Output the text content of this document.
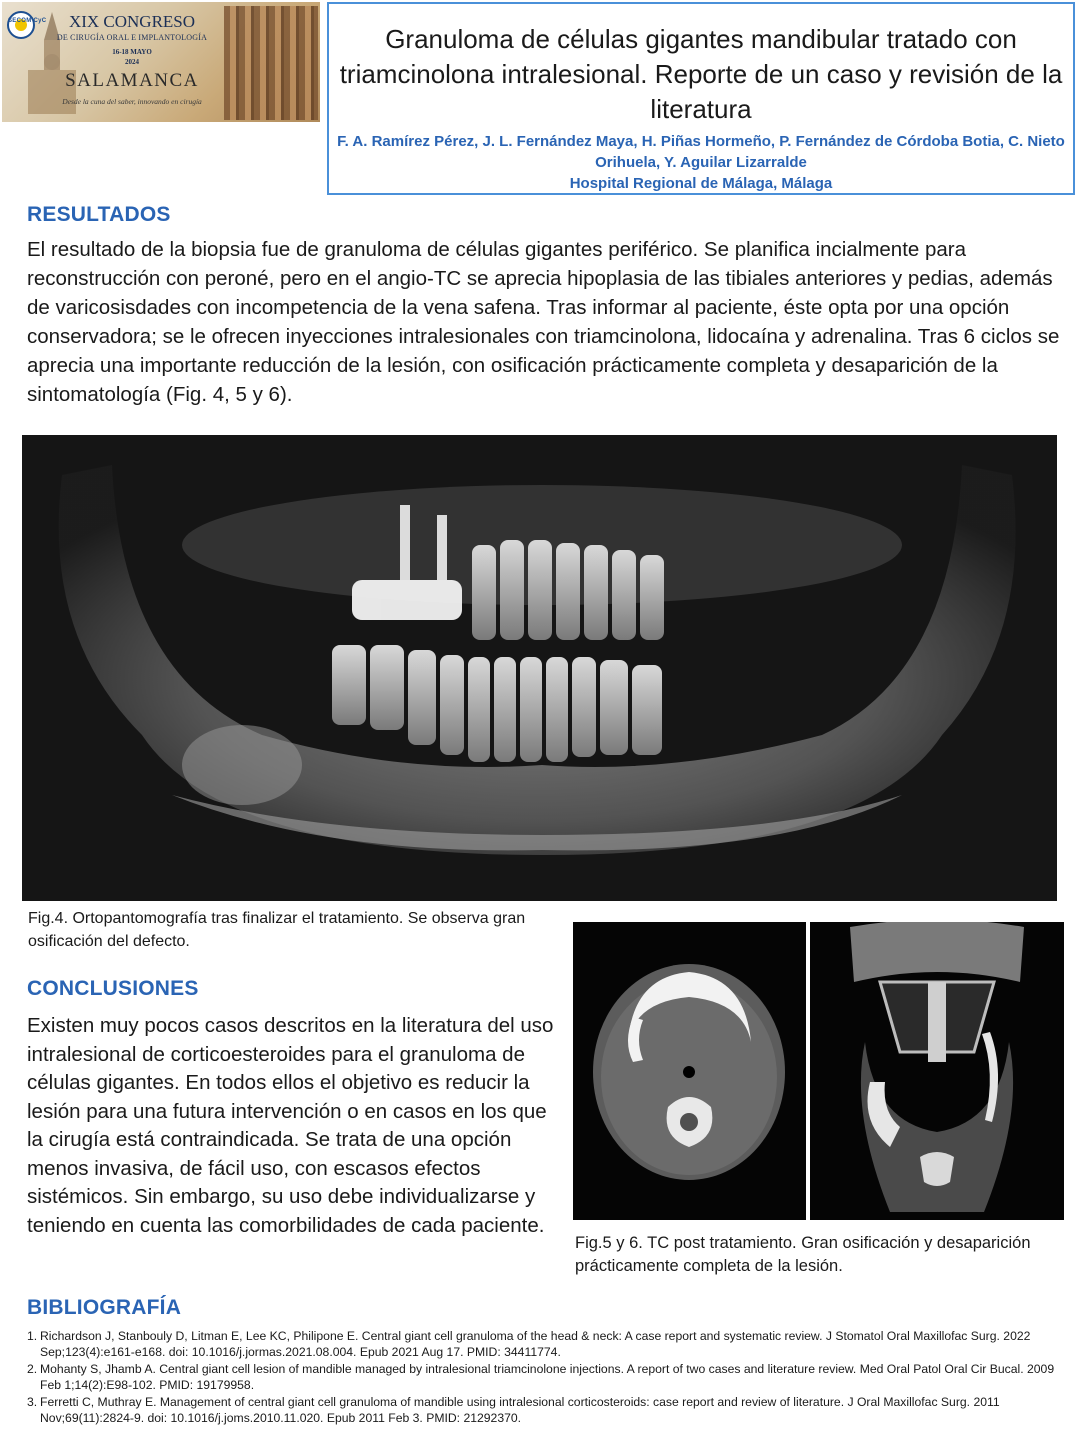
SECOM CyC	XIX CONGRESO
DE CIRUGÍA ORAL E IMPLANTOLOGÍA
16-18 MAYO
2024
SALAMANCA
Desde la cuna del saber, innovando en cirugía
Granuloma de células gigantes mandibular tratado con triamcinolona intralesional. Reporte de un caso y revisión de la literatura
F. A. Ramírez Pérez, J. L. Fernández Maya, H. Piñas Hormeño, P. Fernández de Córdoba Botia, C. Nieto Orihuela, Y. Aguilar Lizarralde
Hospital Regional de Málaga, Málaga
RESULTADOS
El resultado de la biopsia fue de granuloma de células gigantes periférico. Se planifica incialmente para reconstrucción con peroné, pero en el angio-TC se aprecia hipoplasia de las tibiales anteriores y pedias, además de varicosisdades con incompetencia de la vena safena. Tras informar al paciente, éste opta por una opción conservadora; se le ofrecen inyecciones intralesionales con triamcinolona, lidocaína y adrenalina. Tras 6 ciclos se aprecia una importante reducción de la lesión, con osificación prácticamente completa y desaparición de la sintomatología (Fig. 4, 5 y 6).
Fig.4. Ortopantomografía tras finalizar el tratamiento. Se observa gran osificación del defecto.
Fig.5 y 6. TC post tratamiento. Gran osificación y desaparición prácticamente completa de la lesión.
CONCLUSIONES
Existen muy pocos casos descritos en la literatura del uso intralesional de corticoesteroides para el granuloma de células gigantes. En todos ellos el objetivo es reducir la lesión para una futura intervención o en casos en los que la cirugía está contraindicada. Se trata de una opción menos invasiva, de fácil uso, con escasos efectos sistémicos. Sin embargo, su uso debe individualizarse y teniendo en cuenta las comorbilidades de cada paciente.
BIBLIOGRAFÍA
1. Richardson J, Stanbouly D, Litman E, Lee KC, Philipone E. Central giant cell granuloma of the head & neck: A case report and systematic review. J Stomatol Oral Maxillofac Surg. 2022 Sep;123(4):e161-e168. doi: 10.1016/j.jormas.2021.08.004. Epub 2021 Aug 17. PMID: 34411774.
2. Mohanty S, Jhamb A. Central giant cell lesion of mandible managed by intralesional triamcinolone injections. A report of two cases and literature review. Med Oral Patol Oral Cir Bucal. 2009 Feb 1;14(2):E98-102. PMID: 19179958.
3. Ferretti C, Muthray E. Management of central giant cell granuloma of mandible using intralesional corticosteroids: case report and review of literature. J Oral Maxillofac Surg. 2011 Nov;69(11):2824-9. doi: 10.1016/j.joms.2010.11.020. Epub 2011 Feb 3. PMID: 21292370.
